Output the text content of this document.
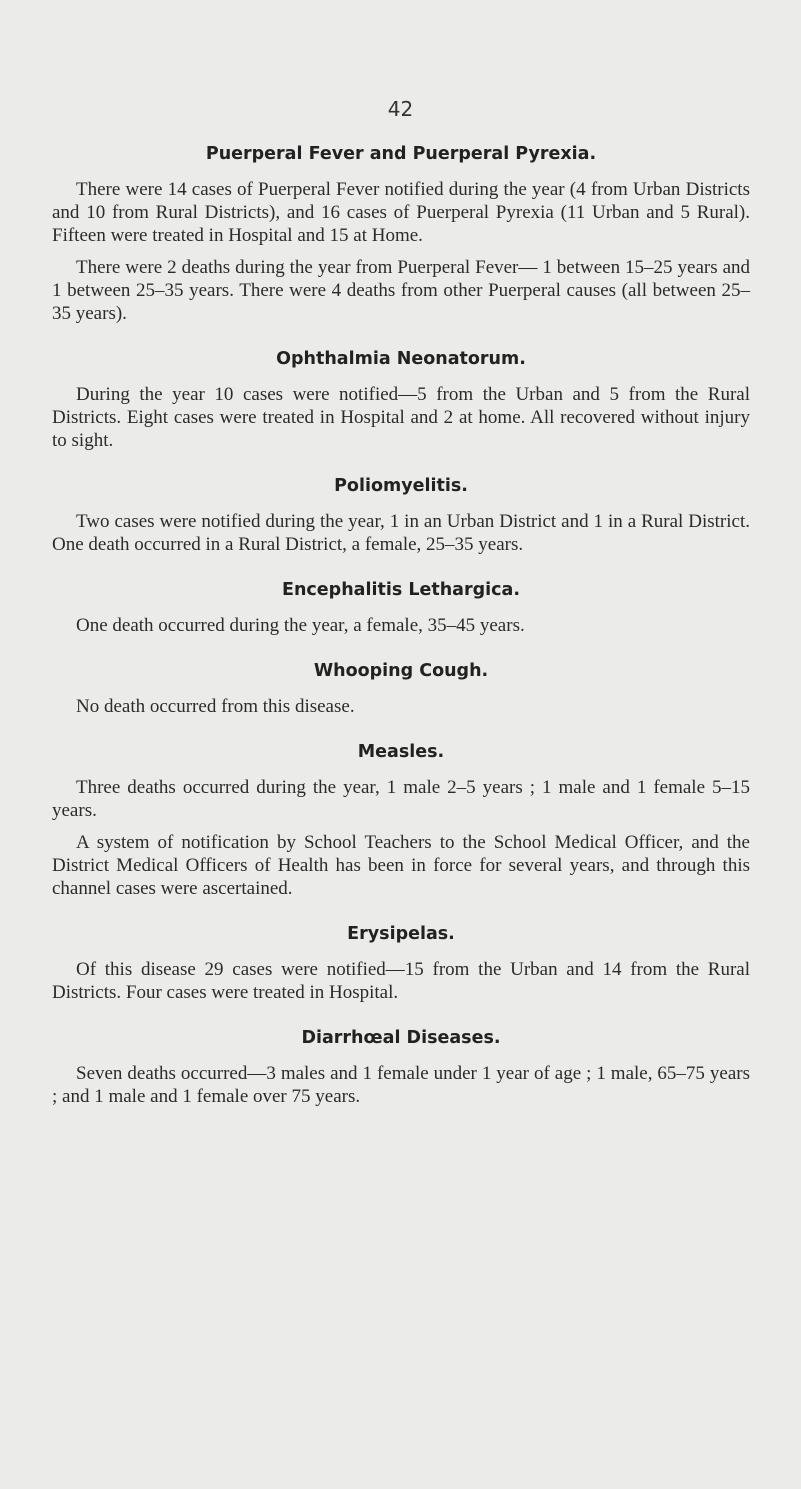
42

Puerperal Fever and Puerperal Pyrexia.

There were 14 cases of Puerperal Fever notified during the year (4 from Urban Districts and 10 from Rural Districts), and 16 cases of Puerperal Pyrexia (11 Urban and 5 Rural). Fifteen were treated in Hospital and 15 at Home.

There were 2 deaths during the year from Puerperal Fever— 1 between 15–25 years and 1 between 25–35 years. There were 4 deaths from other Puerperal causes (all between 25–35 years).

Ophthalmia Neonatorum.

During the year 10 cases were notified—5 from the Urban and 5 from the Rural Districts. Eight cases were treated in Hospital and 2 at home. All recovered without injury to sight.

Poliomyelitis.

Two cases were notified during the year, 1 in an Urban District and 1 in a Rural District. One death occurred in a Rural District, a female, 25–35 years.

Encephalitis Lethargica.

One death occurred during the year, a female, 35–45 years.

Whooping Cough.

No death occurred from this disease.

Measles.

Three deaths occurred during the year, 1 male 2–5 years ; 1 male and 1 female 5–15 years.

A system of notification by School Teachers to the School Medical Officer, and the District Medical Officers of Health has been in force for several years, and through this channel cases were ascertained.

Erysipelas.

Of this disease 29 cases were notified—15 from the Urban and 14 from the Rural Districts. Four cases were treated in Hospital.

Diarrhœal Diseases.

Seven deaths occurred—3 males and 1 female under 1 year of age ; 1 male, 65–75 years ; and 1 male and 1 female over 75 years.
